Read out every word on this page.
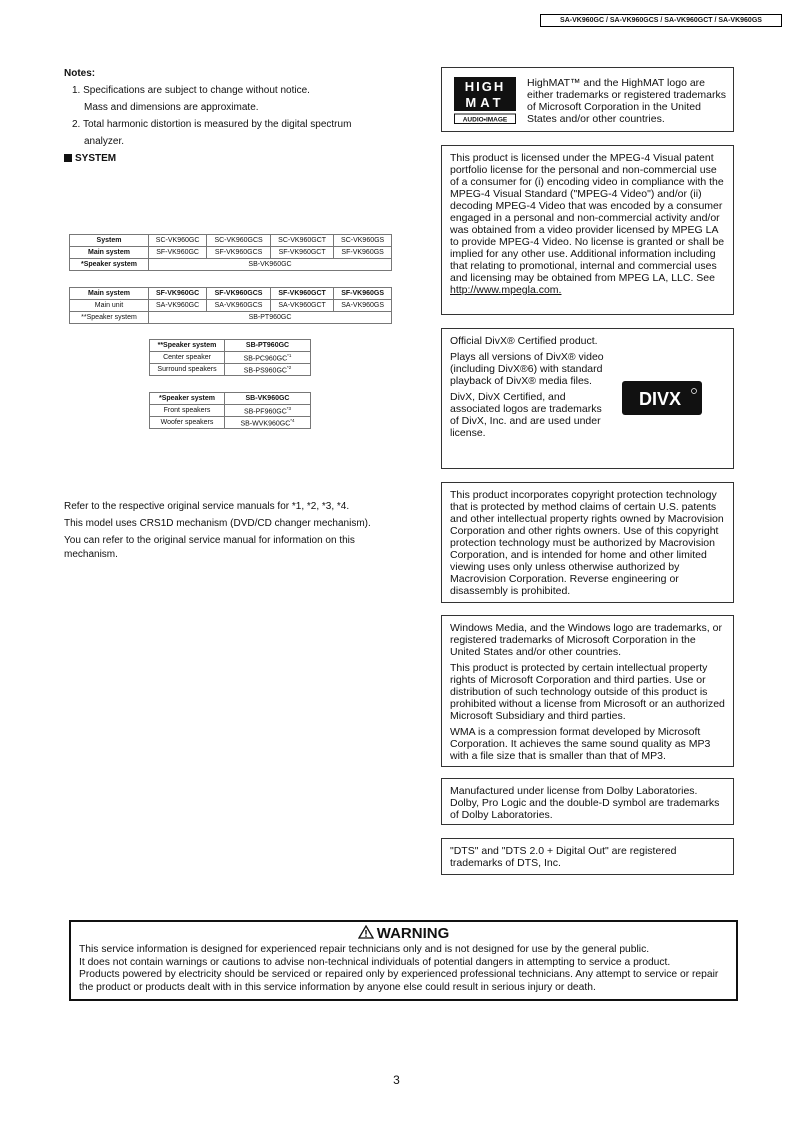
SA-VK960GC / SA-VK960GCS / SA-VK960GCT / SA-VK960GS
Notes:

1. Specifications are subject to change without notice.

Mass and dimensions are approximate.

2. Total harmonic distortion is measured by the digital spectrum

analyzer.

SYSTEM
System	SC-VK960GC	SC-VK960GCS	SC-VK960GCT	SC-VK960GS
Main system	SF-VK960GC	SF-VK960GCS	SF-VK960GCT	SF-VK960GS
*Speaker system	SB-VK960GC			
Main system	SF-VK960GC	SF-VK960GCS	SF-VK960GCT	SF-VK960GS
Main unit	SA-VK960GC	SA-VK960GCS	SA-VK960GCT	SA-VK960GS
**Speaker system	SB-PT960GC			
**Speaker system	SB-PT960GC
Center speaker	SB-PC960GC$^{*1}$
Surround speakers	SB-PS960GC$^{*2}$
*Speaker system	SB-VK960GC
Front speakers	SB-PF960GC$^{*3}$
Woofer speakers	SB-WVK960GC$^{*4}$

Refer to the respective original service manuals for *1, *2, *3, *4.

This model uses CRS1D mechanism (DVD/CD changer mechanism).

You can refer to the original service manual for information on this mechanism.

HIGH
MAT
AUDIO•IMAGE
HighMAT™ and the HighMAT logo are either trademarks or registered trademarks of Microsoft Corporation in the United States and/or other countries.

This product is licensed under the MPEG-4 Visual patent portfolio license for the personal and non-commercial use of a consumer for (i) encoding video in compliance with the MPEG-4 Visual Standard ("MPEG-4 Video") and/or (ii) decoding MPEG-4 Video that was encoded by a consumer engaged in a personal and non-commercial activity and/or was obtained from a video provider licensed by MPEG LA to provide MPEG-4 Video. No license is granted or shall be implied for any other use. Additional information including that relating to promotional, internal and commercial uses and licensing may be obtained from MPEG LA, LLC. See
http://www.mpegla.com.

Official DivX® Certified product.

Plays all versions of DivX® video (including DivX®6) with standard playback of DivX® media files.

DivX, DivX Certified, and associated logos are trademarks of DivX, Inc. and are used under license.

DIVX

This product incorporates copyright protection technology that is protected by method claims of certain U.S. patents and other intellectual property rights owned by Macrovision Corporation and other rights owners. Use of this copyright protection technology must be authorized by Macrovision Corporation, and is intended for home and other limited viewing uses only unless otherwise authorized by Macrovision Corporation. Reverse engineering or disassembly is prohibited.

Windows Media, and the Windows logo are trademarks, or registered trademarks of Microsoft Corporation in the United States and/or other countries.

This product is protected by certain intellectual property rights of Microsoft Corporation and third parties. Use or distribution of such technology outside of this product is prohibited without a license from Microsoft or an authorized Microsoft Subsidiary and third parties.

WMA is a compression format developed by Microsoft Corporation. It achieves the same sound quality as MP3 with a file size that is smaller than that of MP3.

Manufactured under license from Dolby Laboratories. Dolby, Pro Logic and the double-D symbol are trademarks of Dolby Laboratories.

"DTS" and "DTS 2.0 + Digital Out" are registered trademarks of DTS, Inc.

WARNING

This service information is designed for experienced repair technicians only and is not designed for use by the general public.

It does not contain warnings or cautions to advise non-technical individuals of potential dangers in attempting to service a product.

Products powered by electricity should be serviced or repaired only by experienced professional technicians. Any attempt to service or repair the product or products dealt with in this service information by anyone else could result in serious injury or death.

3
